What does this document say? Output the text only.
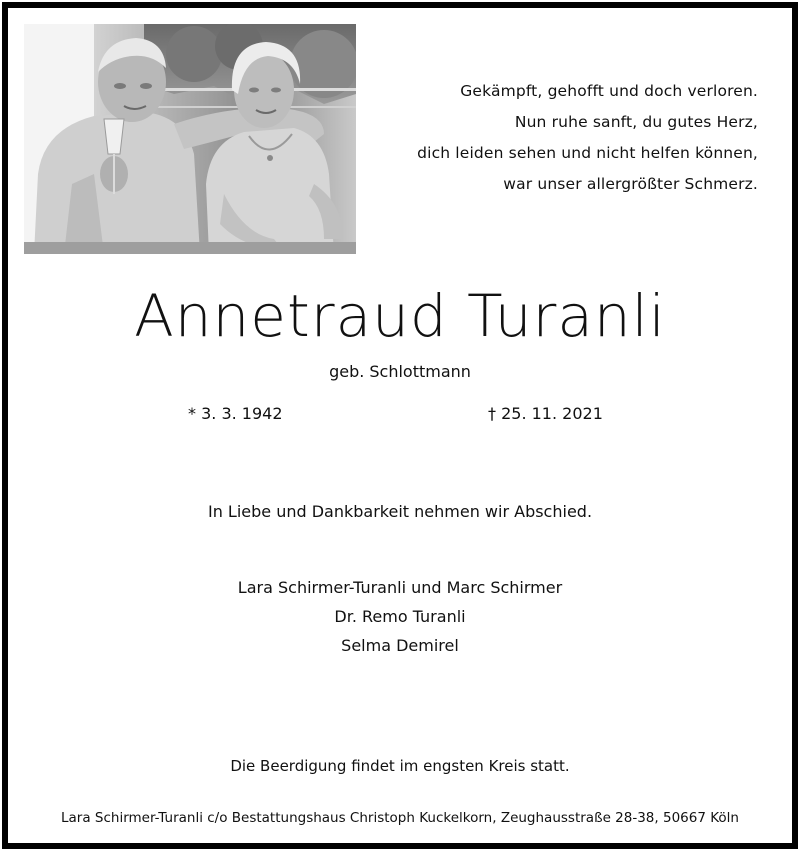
Gekämpft, gehofft und doch verloren.
Nun ruhe sanft, du gutes Herz,
dich leiden sehen und nicht helfen können,
war unser allergrößter Schmerz.
Annetraud Turanli
geb. Schlottmann
* 3. 3. 1942	† 25. 11. 2021
In Liebe und Dankbarkeit nehmen wir Abschied.
Lara Schirmer-Turanli und Marc Schirmer
Dr. Remo Turanli
Selma Demirel
Die Beerdigung findet im engsten Kreis statt.
Lara Schirmer-Turanli c/o Bestattungshaus Christoph Kuckelkorn, Zeughausstraße 28-38, 50667 Köln
